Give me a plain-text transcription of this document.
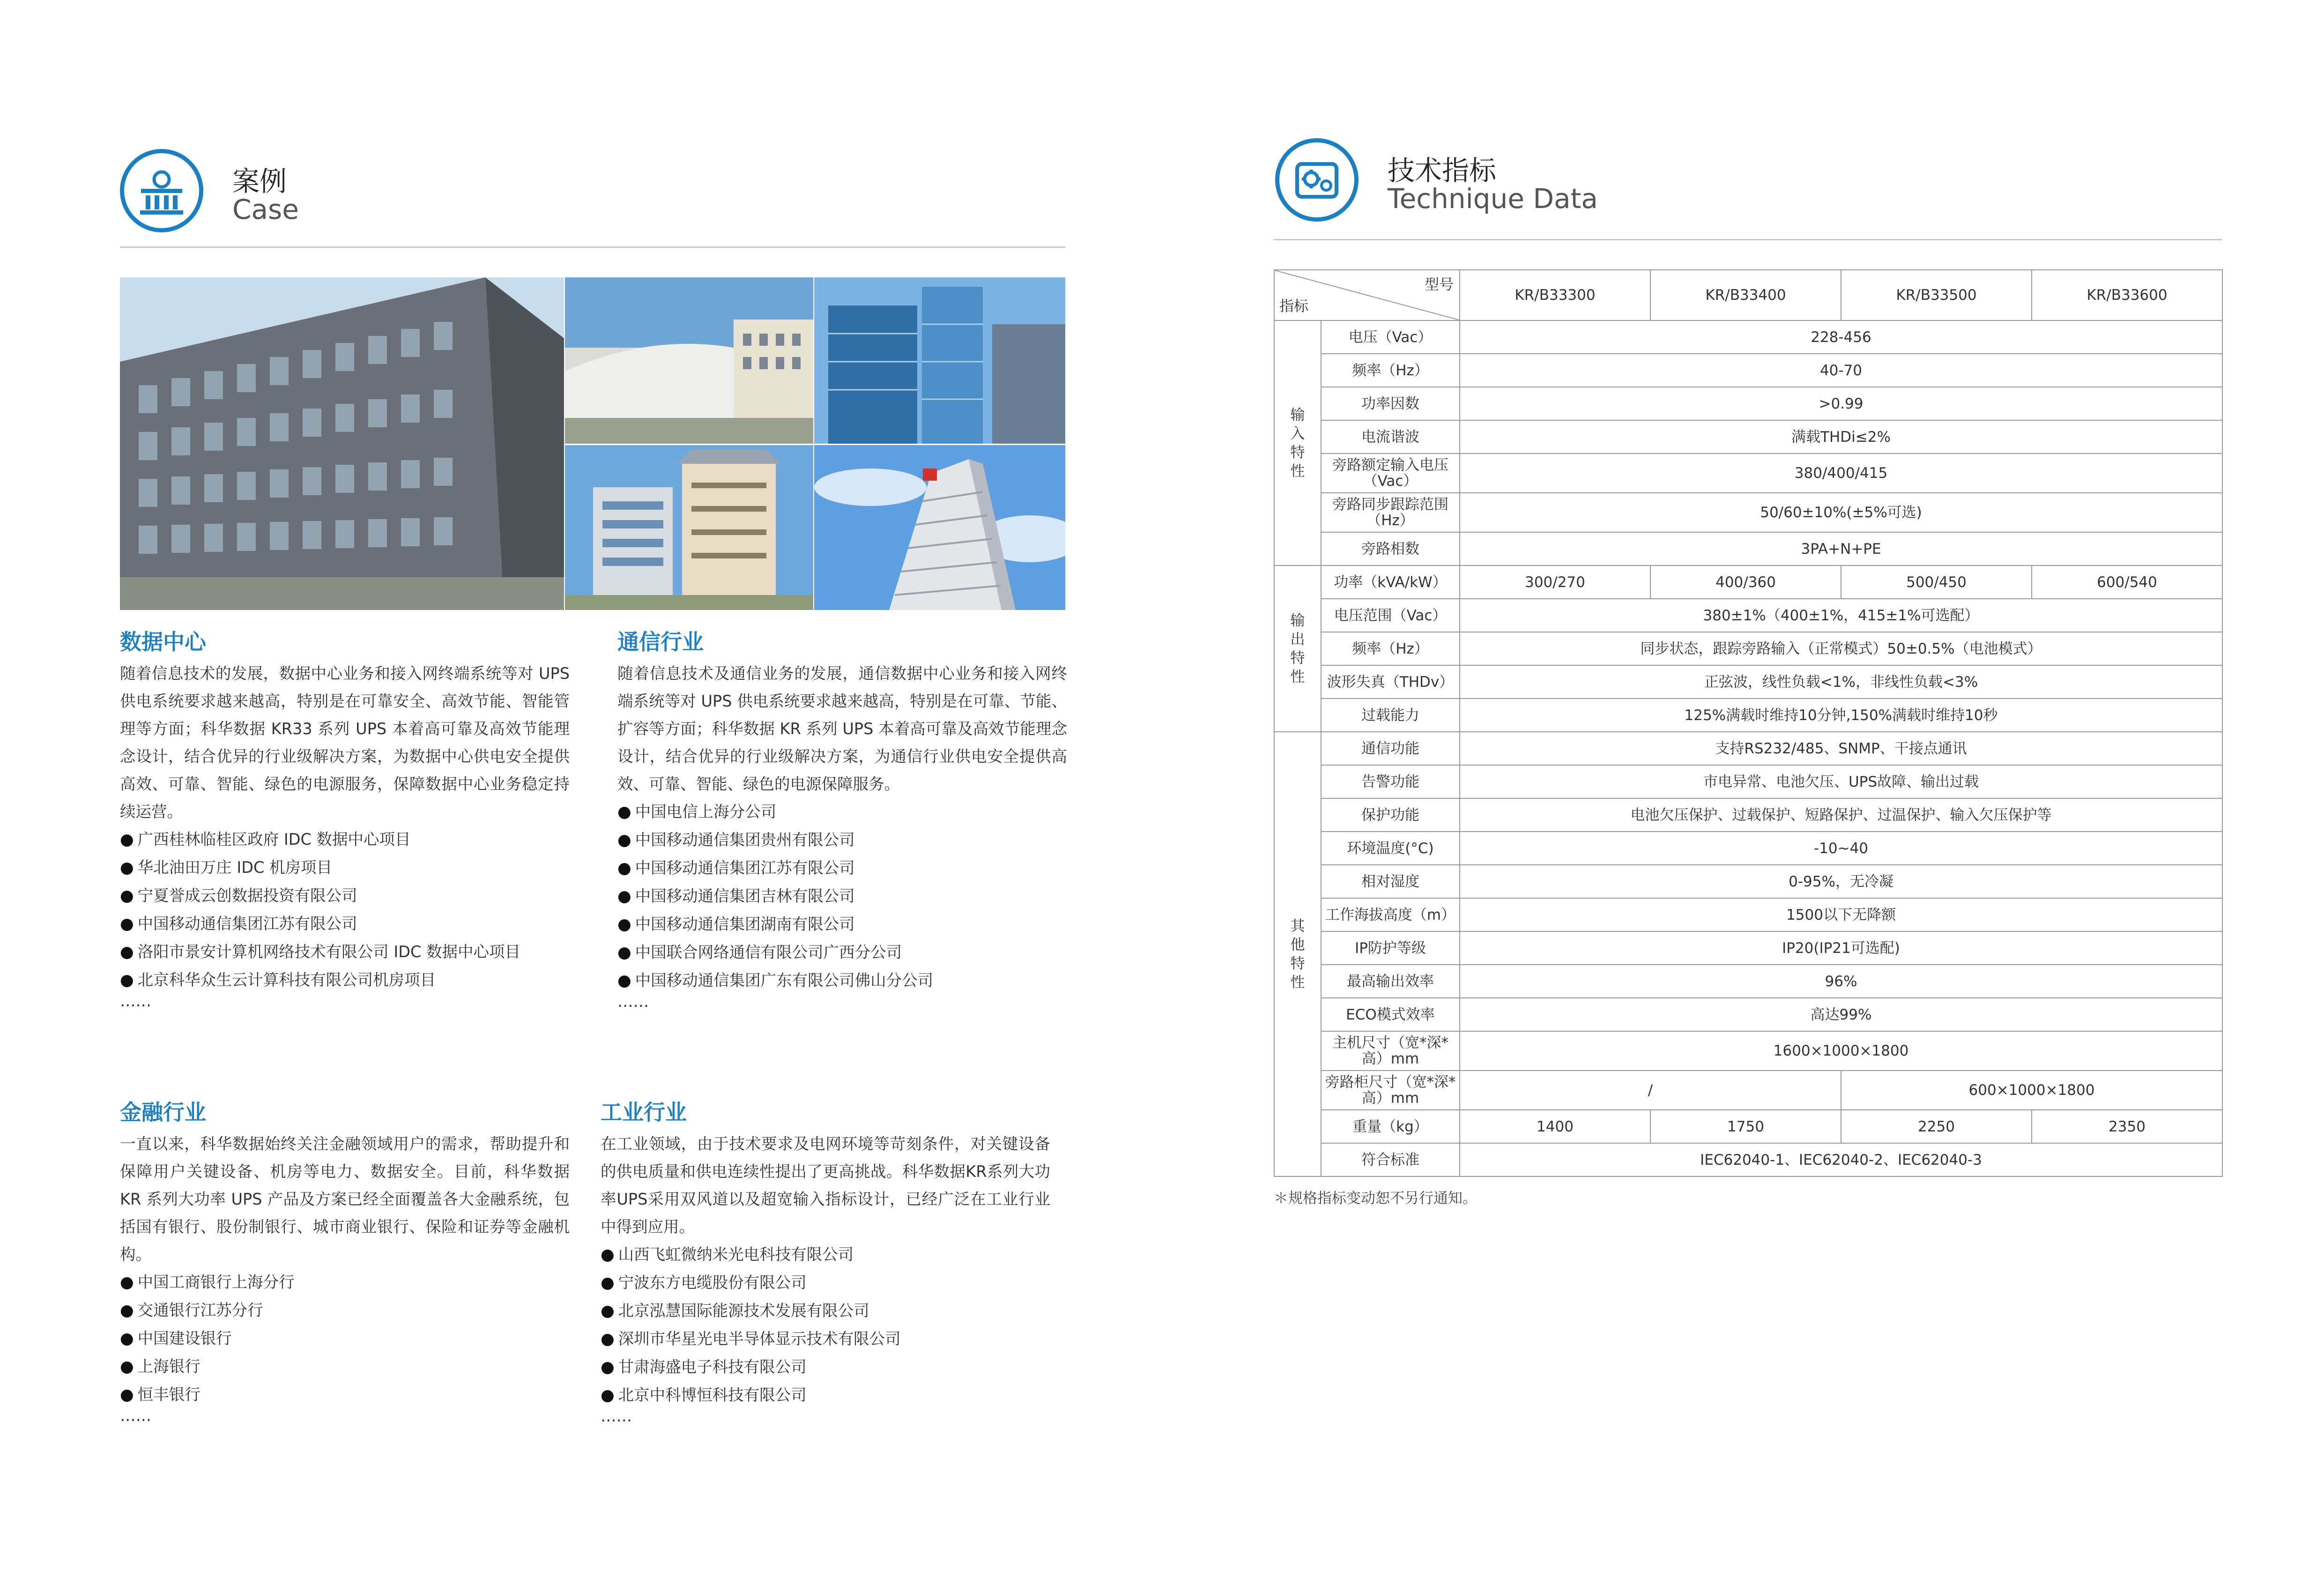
案例
Case
数据中心
随着信息技术的发展，数据中心业务和接入网终端系统等对 UPS 供电系统要求越来越高，特别是在可靠安全、高效节能、智能管理等方面；科华数据 KR33 系列 UPS 本着高可靠及高效节能理念设计，结合优异的行业级解决方案，为数据中心供电安全提供高效、可靠、智能、绿色的电源服务，保障数据中心业务稳定持续运营。
● 广西桂林临桂区政府 IDC 数据中心项目
● 华北油田万庄 IDC 机房项目
● 宁夏誉成云创数据投资有限公司
● 中国移动通信集团江苏有限公司
● 洛阳市景安计算机网络技术有限公司 IDC 数据中心项目
● 北京科华众生云计算科技有限公司机房项目
……
通信行业
随着信息技术及通信业务的发展，通信数据中心业务和接入网终端系统等对 UPS 供电系统要求越来越高，特别是在可靠、节能、扩容等方面；科华数据 KR 系列 UPS 本着高可靠及高效节能理念设计，结合优异的行业级解决方案，为通信行业供电安全提供高效、可靠、智能、绿色的电源保障服务。
● 中国电信上海分公司
● 中国移动通信集团贵州有限公司
● 中国移动通信集团江苏有限公司
● 中国移动通信集团吉林有限公司
● 中国移动通信集团湖南有限公司
● 中国联合网络通信有限公司广西分公司
● 中国移动通信集团广东有限公司佛山分公司
……
金融行业
一直以来，科华数据始终关注金融领域用户的需求，帮助提升和保障用户关键设备、机房等电力、数据安全。目前，科华数据 KR 系列大功率 UPS 产品及方案已经全面覆盖各大金融系统，包括国有银行、股份制银行、城市商业银行、保险和证券等金融机构。
● 中国工商银行上海分行
● 交通银行江苏分行
● 中国建设银行
● 上海银行
● 恒丰银行
……
工业行业
在工业领域，由于技术要求及电网环境等苛刻条件，对关键设备的供电质量和供电连续性提出了更高挑战。科华数据KR系列大功率UPS采用双风道以及超宽输入指标设计，已经广泛在工业行业中得到应用。
● 山西飞虹微纳米光电科技有限公司
● 宁波东方电缆股份有限公司
● 北京泓慧国际能源技术发展有限公司
● 深圳市华星光电半导体显示技术有限公司
● 甘肃海盛电子科技有限公司
● 北京中科博恒科技有限公司
……
技术指标
Technique Data
型号
指标		KR/B33300	KR/B33400	KR/B33500	KR/B33600
输入特性	电压（Vac）	228-456			
	频率（Hz）	40-70			
	功率因数	>0.99			
	电流谐波	满载THDi≤2%			
	旁路额定输入电压（Vac）	380/400/415			
	旁路同步跟踪范围（Hz）	50/60±10%(±5%可选)			
	旁路相数	3PA+N+PE			
输出特性	功率（kVA/kW）	300/270	400/360	500/450	600/540
	电压范围（Vac）	380±1%（400±1%，415±1%可选配）			
	频率（Hz）	同步状态，跟踪旁路输入（正常模式）50±0.5%（电池模式）			
	波形失真（THDv）	正弦波，线性负载<1%，非线性负载<3%			
	过载能力	125%满载时维持10分钟,150%满载时维持10秒			
其他特性	通信功能	支持RS232/485、SNMP、干接点通讯			
	告警功能	市电异常、电池欠压、UPS故障、输出过载			
	保护功能	电池欠压保护、过载保护、短路保护、过温保护、输入欠压保护等			
	环境温度(°C)	-10~40			
	相对湿度	0-95%，无冷凝			
	工作海拔高度（m）	1500以下无降额			
	IP防护等级	IP20(IP21可选配)			
	最高输出效率	96%			
	ECO模式效率	高达99%			
	主机尺寸（宽*深*高）mm	1600×1000×1800			
	旁路柜尺寸（宽*深*高）mm	/		600×1000×1800	
	重量（kg）	1400	1750	2250	2350
	符合标准	IEC62040-1、IEC62040-2、IEC62040-3			
＊规格指标变动恕不另行通知。
